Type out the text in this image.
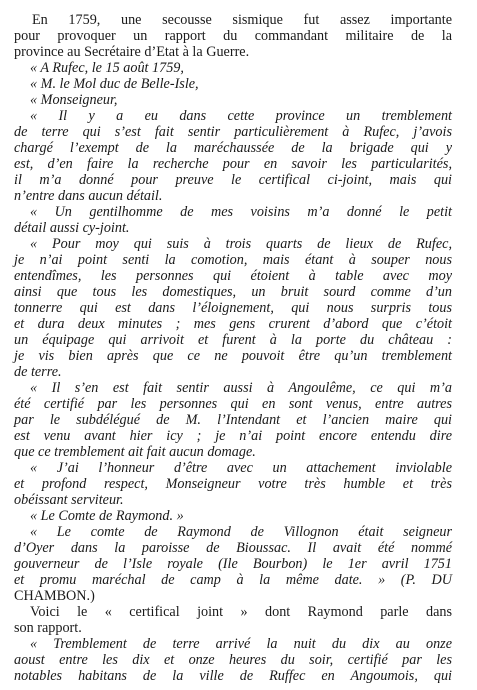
En 1759, une secousse sismique fut assez importante
pour provoquer un rapport du commandant militaire de la
province au Secrétaire d’Etat à la Guerre.
« A Rufec, le 15 août 1759,
« M. le Mol duc de Belle-Isle,
« Monseigneur,
« Il y a eu dans cette province un tremblement
de terre qui s’est fait sentir particulièrement à Rufec, j’avois
chargé l’exempt de la maréchaussée de la brigade qui y
est, d’en faire la recherche pour en savoir les particularités,
il m’a donné pour preuve le certifical ci-joint, mais qui
n’entre dans aucun détail.
« Un gentilhomme de mes voisins m’a donné le petit
détail aussi cy-joint.
« Pour moy qui suis à trois quarts de lieux de Rufec,
je n’ai point senti la comotion, mais étant à souper nous
entendîmes, les personnes qui étoient à table avec moy
ainsi que tous les domestiques, un bruit sourd comme d’un
tonnerre qui est dans l’éloignement, qui nous surpris tous
et dura deux minutes ; mes gens crurent d’abord que c’étoit
un équipage qui arrivoit et furent à la porte du château :
je vis bien après que ce ne pouvoit être qu’un tremblement
de terre.
« Il s’en est fait sentir aussi à Angoulême, ce qui m’a
été certifié par les personnes qui en sont venus, entre autres
par le subdélégué de M. l’Intendant et l’ancien maire qui
est venu avant hier icy ; je n’ai point encore entendu dire
que ce tremblement ait fait aucun domage.
« J’ai l’honneur d’être avec un attachement inviolable
et profond respect, Monseigneur votre très humble et très
obéissant serviteur.
« Le Comte de Raymond. »
« Le comte de Raymond de Villognon était seigneur
d’Oyer dans la paroisse de Bioussac. Il avait été nommé
gouverneur de l’Isle royale (Ile Bourbon) le 1er avril 1751
et promu maréchal de camp à la même date. » (P. DU
CHAMBON.)
Voici le « certifical joint » dont Raymond parle dans
son rapport.
« Tremblement de terre arrivé la nuit du dix au onze
aoust entre les dix et onze heures du soir, certifié par les
notables habitans de la ville de Ruffec en Angoumois, qui
